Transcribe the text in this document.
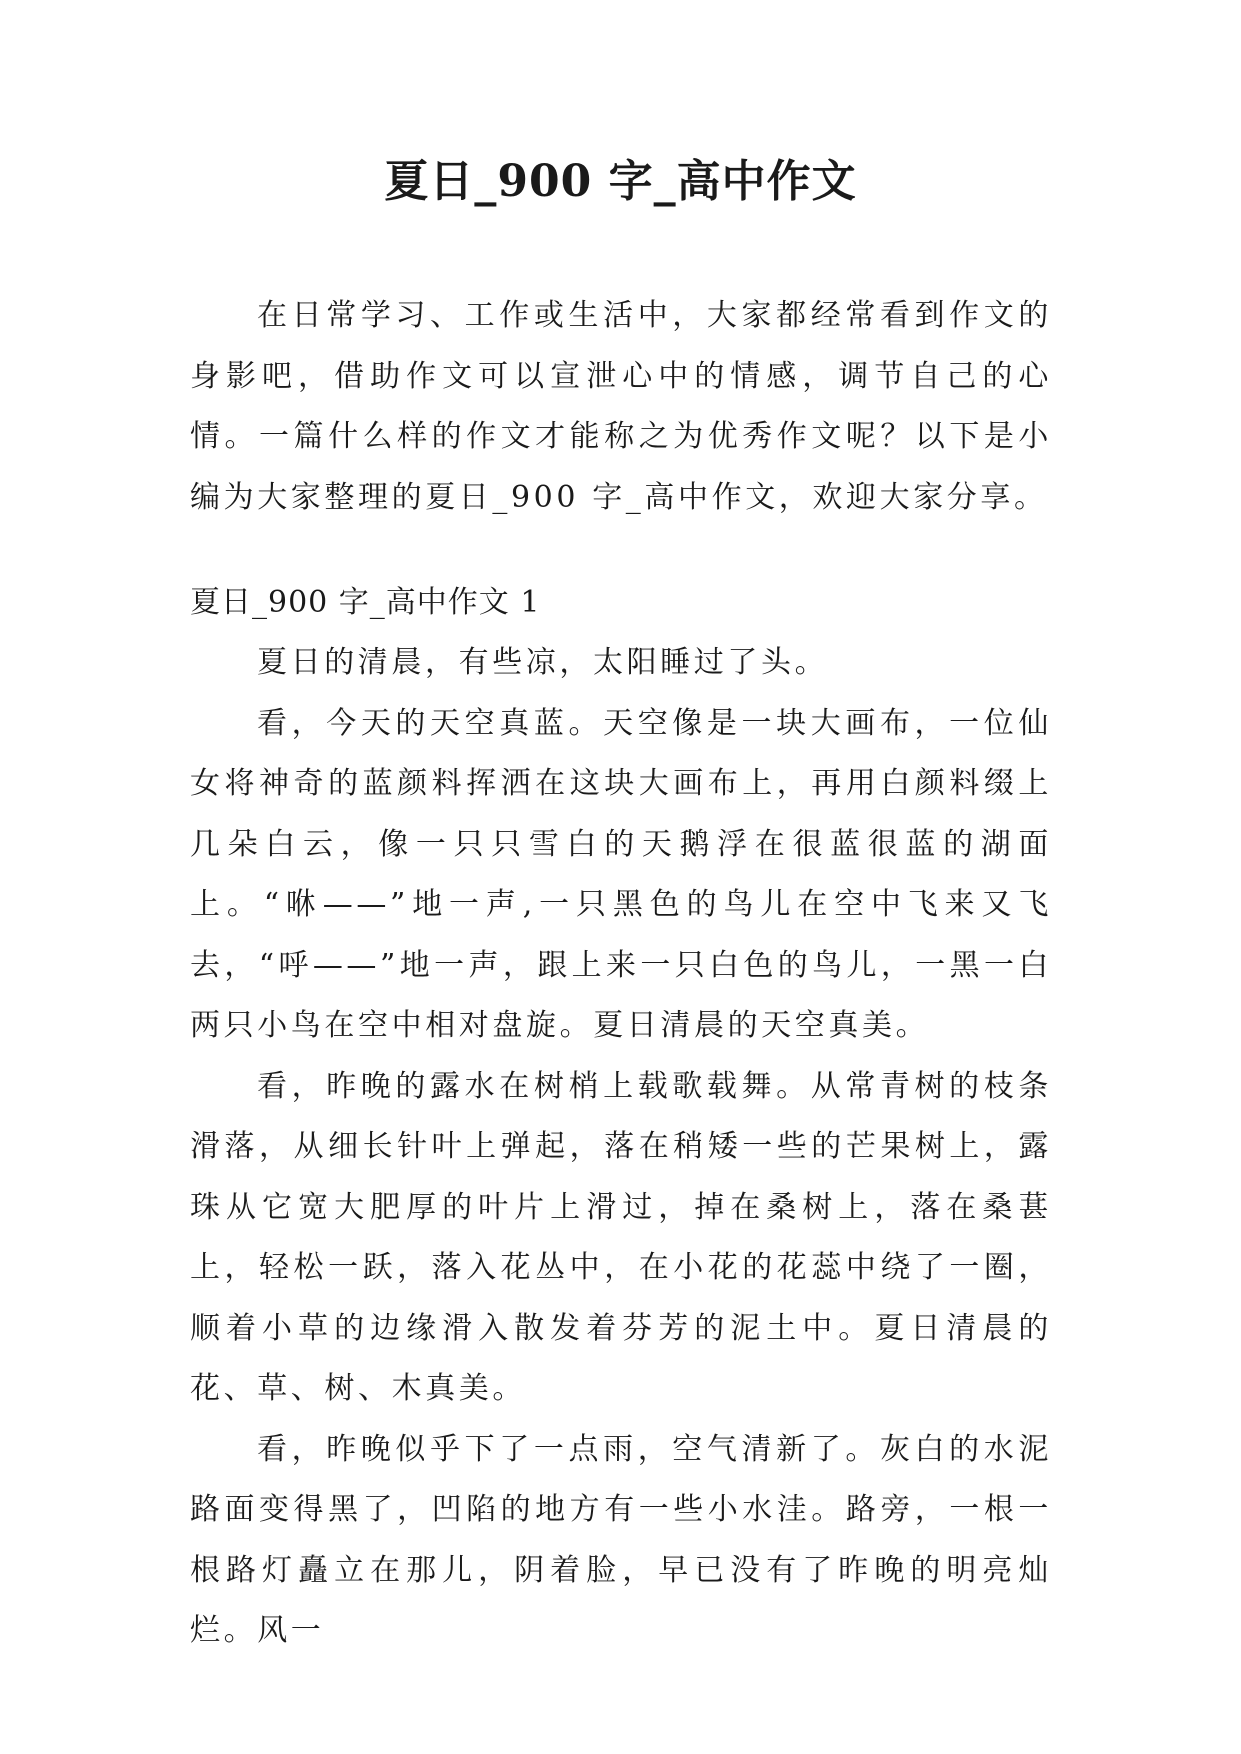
夏日_900 字_高中作文

在日常学习、工作或生活中，大家都经常看到作文的身影吧，借助作文可以宣泄心中的情感，调节自己的心情。一篇什么样的作文才能称之为优秀作文呢？以下是小编为大家整理的夏日_900 字_高中作文，欢迎大家分享。

夏日_900 字_高中作文 1

夏日的清晨，有些凉，太阳睡过了头。

看，今天的天空真蓝。天空像是一块大画布，一位仙女将神奇的蓝颜料挥洒在这块大画布上，再用白颜料缀上几朵白云，像一只只雪白的天鹅浮在很蓝很蓝的湖面上。“咻——”地一声,一只黑色的鸟儿在空中飞来又飞去，“呼——”地一声，跟上来一只白色的鸟儿，一黑一白两只小鸟在空中相对盘旋。夏日清晨的天空真美。

看，昨晚的露水在树梢上载歌载舞。从常青树的枝条滑落，从细长针叶上弹起，落在稍矮一些的芒果树上，露珠从它宽大肥厚的叶片上滑过，掉在桑树上，落在桑葚上，轻松一跃，落入花丛中，在小花的花蕊中绕了一圈，顺着小草的边缘滑入散发着芬芳的泥土中。夏日清晨的花、草、树、木真美。

看，昨晚似乎下了一点雨，空气清新了。灰白的水泥路面变得黑了，凹陷的地方有一些小水洼。路旁，一根一根路灯矗立在那儿，阴着脸，早已没有了昨晚的明亮灿烂。风一
